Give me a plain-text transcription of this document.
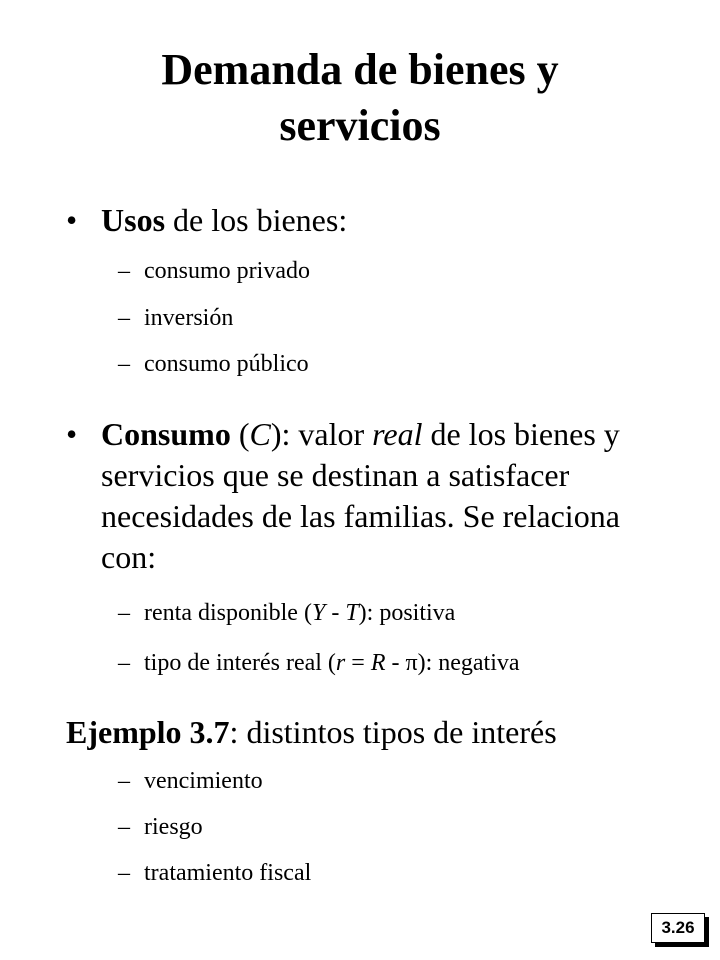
Demanda de bienes y
servicios
• Usos de los bienes:
– consumo privado
– inversión
– consumo público
• Consumo (C): valor real de los bienes y servicios que se destinan a satisfacer necesidades de las familias. Se relaciona con:
– renta disponible (Y - T): positiva
– tipo de interés real (r = R - π): negativa
Ejemplo 3.7: distintos tipos de interés
– vencimiento
– riesgo
– tratamiento fiscal
3.26
